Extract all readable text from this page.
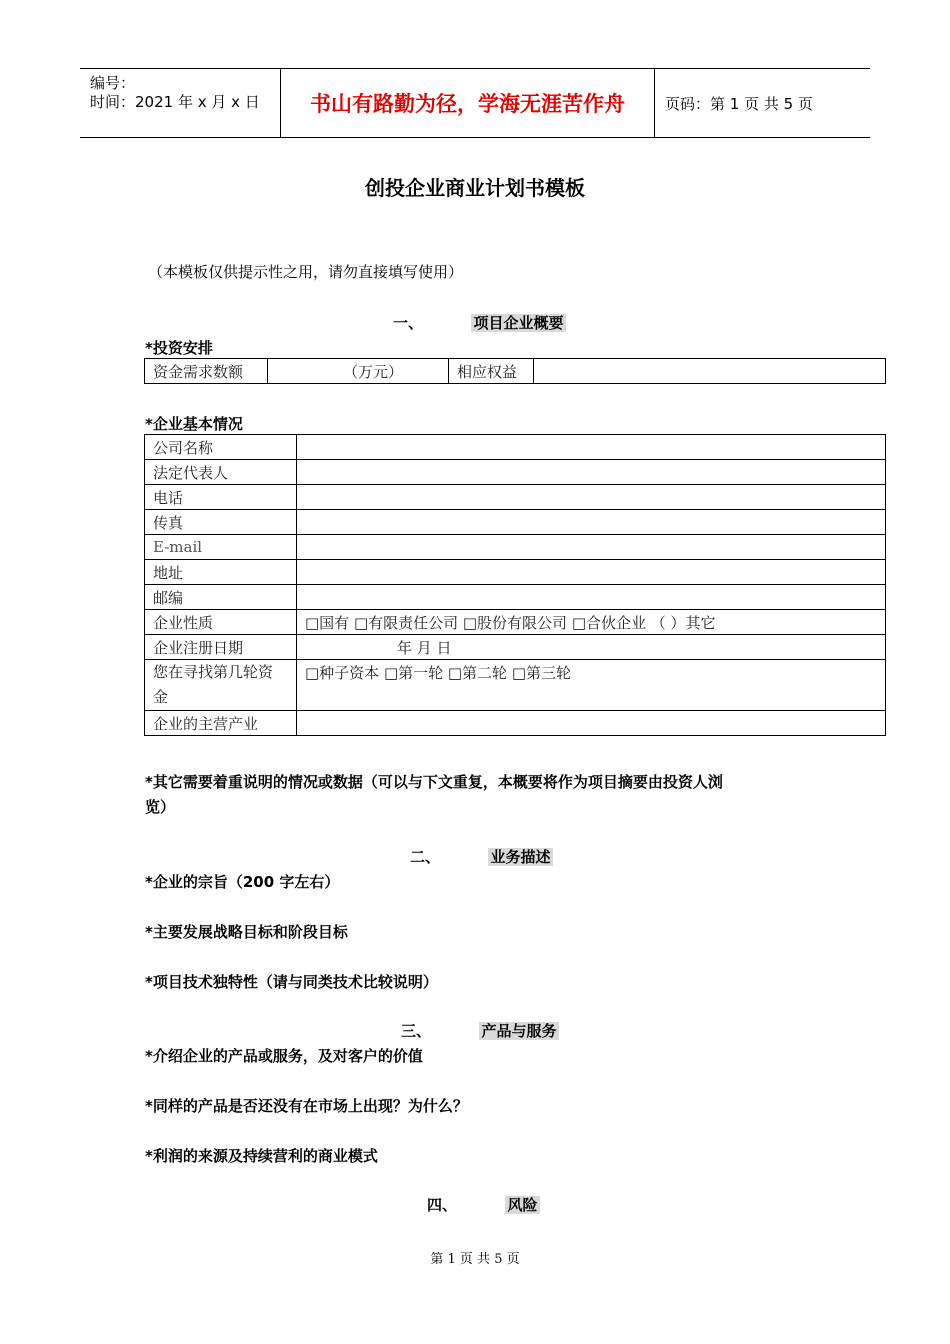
编号：
时间：2021 年 x 月 x 日	书山有路勤为径，学海无涯苦作舟	页码：第 1 页 共 5 页
创投企业商业计划书模板
（本模板仅供提示性之用，请勿直接填写使用）
一、	项目企业概要
*投资安排
资金需求数额	（万元）	相应权益	
*企业基本情况
公司名称	
法定代表人	
电话	
传真	
E-mail	
地址	
邮编	
企业性质	□国有 □有限责任公司 □股份有限公司 □合伙企业 （ ）其它
企业注册日期	年 月 日

您在寻找第几轮资
金	□种子资本 □第一轮 □第二轮 □第三轮
企业的主营产业	
*其它需要着重说明的情况或数据（可以与下文重复，本概要将作为项目摘要由投资人浏
览）
二、	业务描述
*企业的宗旨（200 字左右）
*主要发展战略目标和阶段目标
*项目技术独特性（请与同类技术比较说明）
三、	产品与服务
*介绍企业的产品或服务，及对客户的价值
*同样的产品是否还没有在市场上出现？为什么？
*利润的来源及持续营利的商业模式
四、	风险
第 1 页 共 5 页
